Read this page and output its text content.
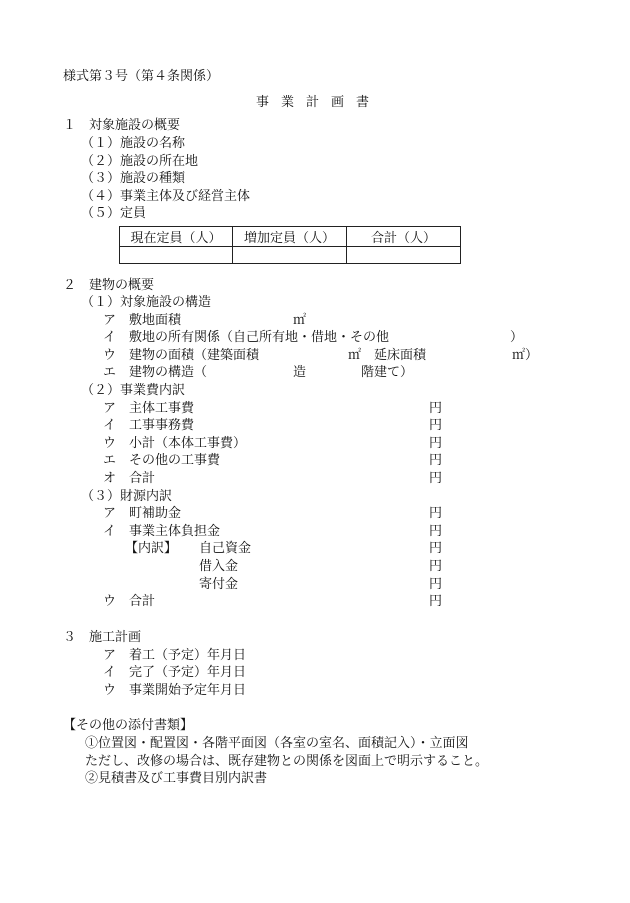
様式第３号（第４条関係）
事業計画書
１　対象施設の概要
（１）施設の名称
（２）施設の所在地
（３）施設の種類
（４）事業主体及び経営主体
（５）定員
現在定員（人）	増加定員（人）	合計（人）

２　建物の概要
（１）対象施設の構造
ア　敷地面積	㎡
イ　敷地の所有関係（自己所有地・借地・その他	）
ウ　建物の面積（建築面積	㎡　延床面積	㎡）
エ　建物の構造（	造	階建て）
（２）事業費内訳
ア　主体工事費	円
イ　工事事務費	円
ウ　小計（本体工事費）	円
エ　その他の工事費	円
オ　合計	円
（３）財源内訳
ア　町補助金	円
イ　事業主体負担金	円
【内訳】 自己資金	円
借入金	円
寄付金	円
ウ　合計	円
３　施工計画
ア　着工（予定）年月日
イ　完了（予定）年月日
ウ　事業開始予定年月日
【その他の添付書類】
①位置図・配置図・各階平面図（各室の室名、面積記入）・立面図
ただし、改修の場合は、既存建物との関係を図面上で明示すること。
②見積書及び工事費目別内訳書
